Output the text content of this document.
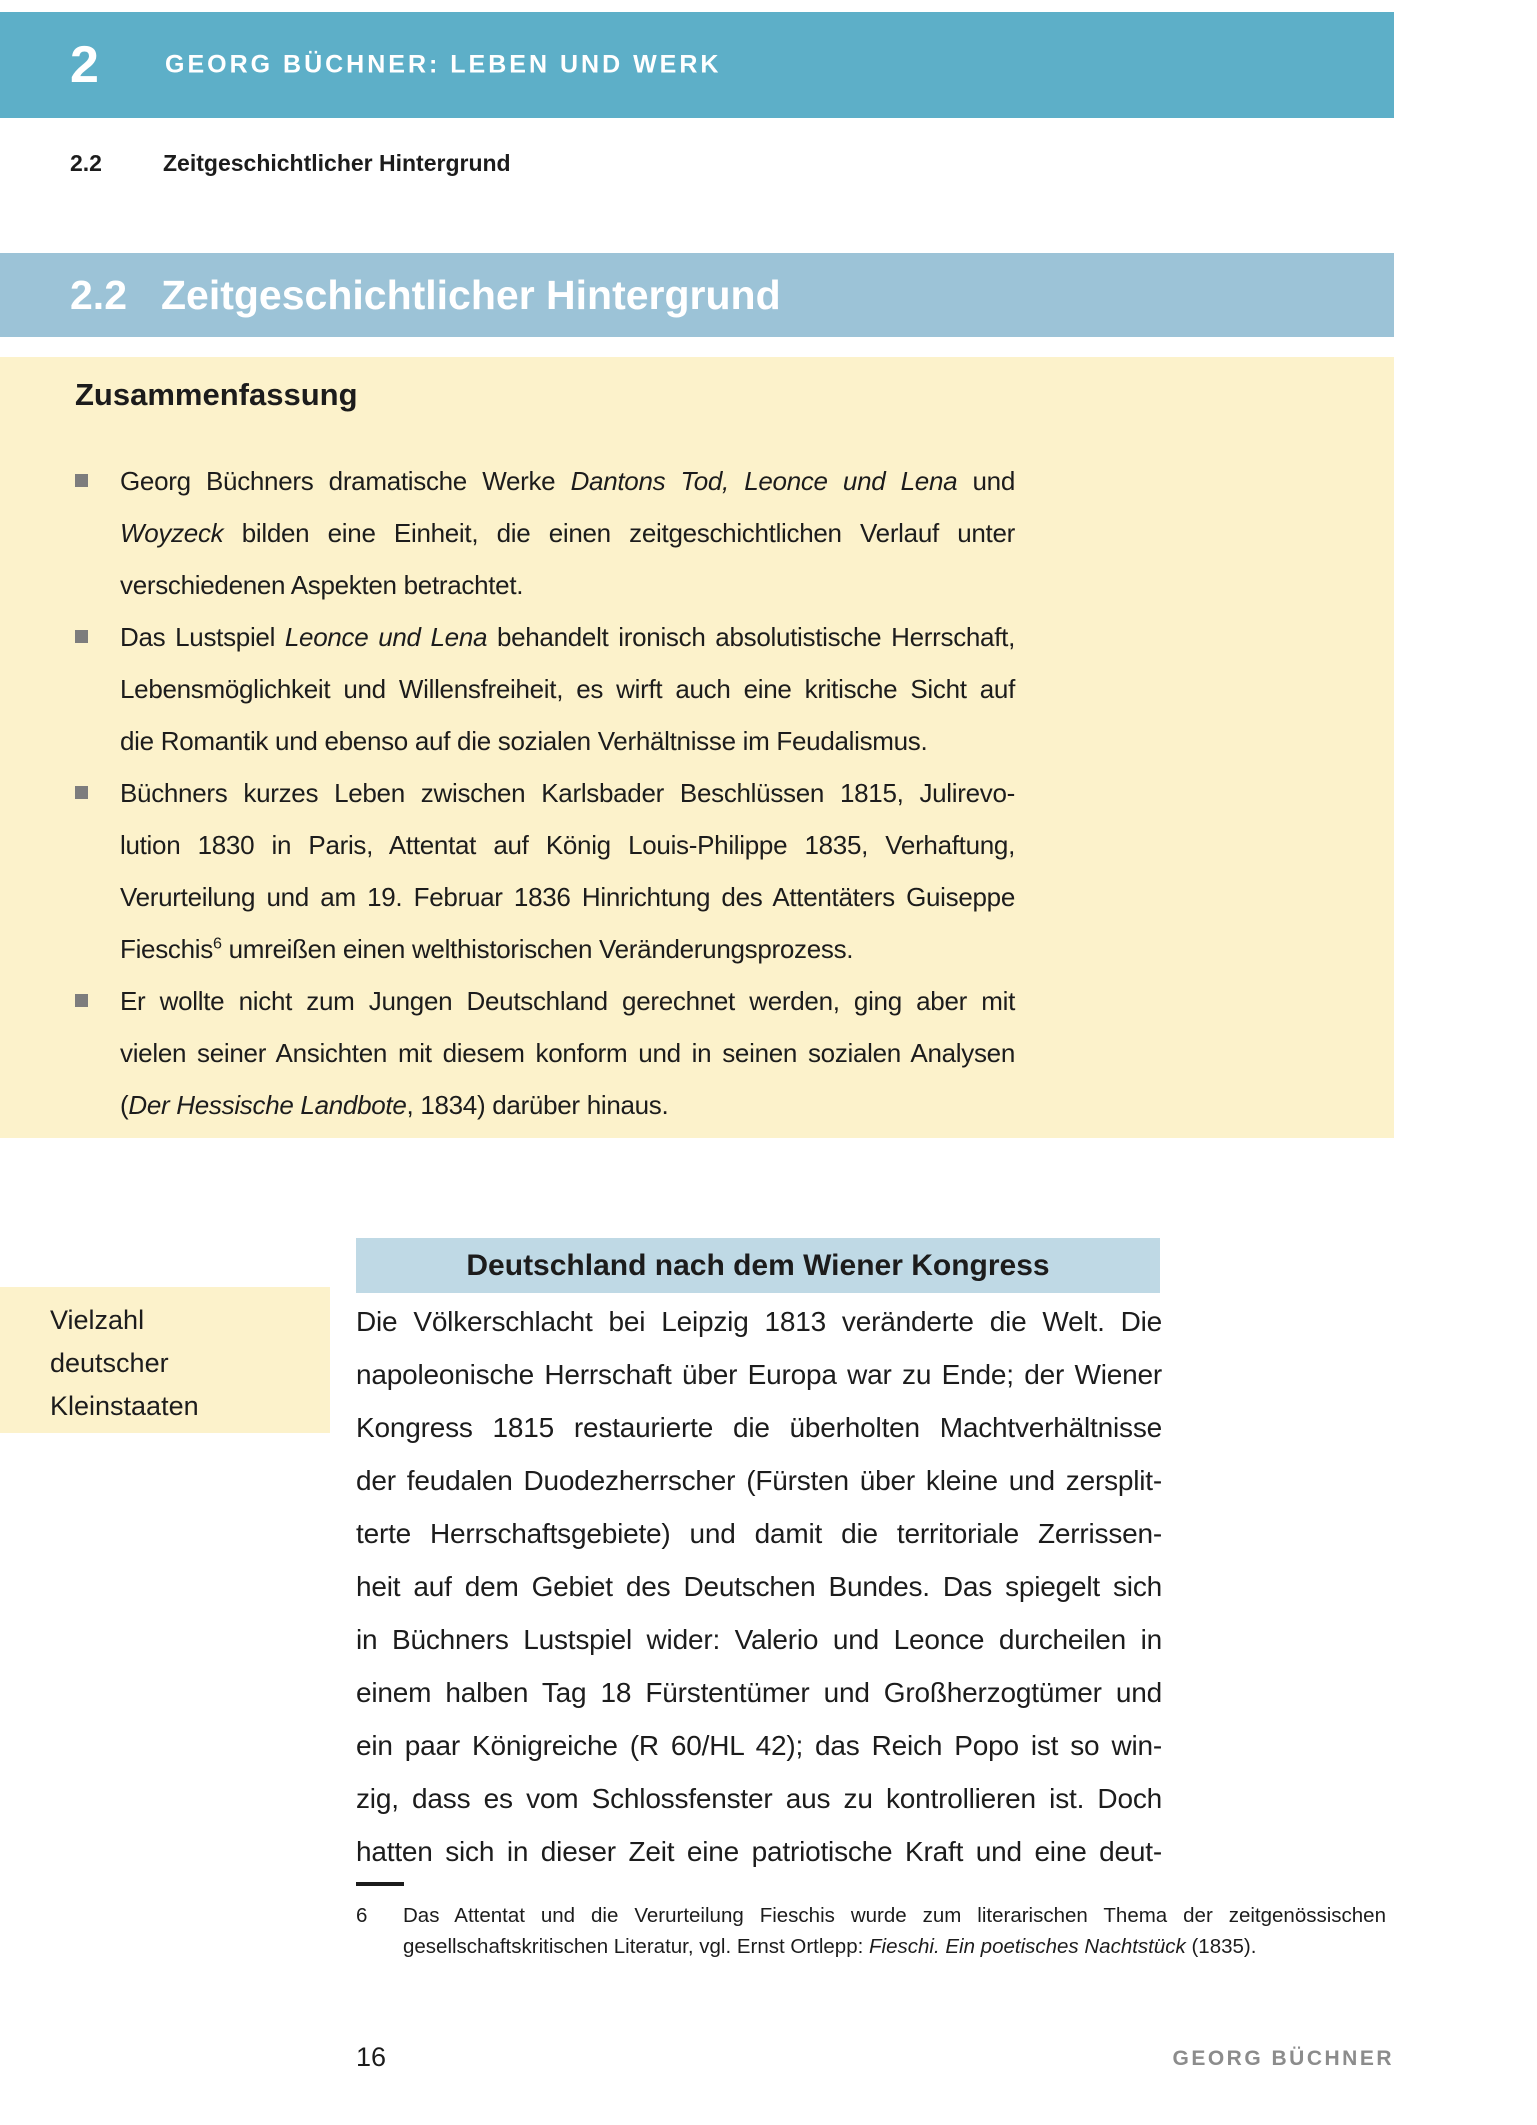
2	GEORG BÜCHNER: LEBEN UND WERK
2.2	Zeitgeschichtlicher Hintergrund
2.2 Zeitgeschichtlicher Hintergrund
Zusammenfassung
Georg Büchners dramatische Werke Dantons Tod, Leonce und Lena und
Woyzeck bilden eine Einheit, die einen zeitgeschichtlichen Verlauf unter
verschiedenen Aspekten betrachtet.
Das Lustspiel Leonce und Lena behandelt ironisch absolutistische Herrschaft,
Lebensmöglichkeit und Willensfreiheit, es wirft auch eine kritische Sicht auf
die Romantik und ebenso auf die sozialen Verhältnisse im Feudalismus.
Büchners kurzes Leben zwischen Karlsbader Beschlüssen 1815, Julirevo-
lution 1830 in Paris, Attentat auf König Louis-Philippe 1835, Verhaftung,
Verurteilung und am 19. Februar 1836 Hinrichtung des Attentäters Guiseppe
Fieschis$^6$ umreißen einen welthistorischen Veränderungsprozess.
Er wollte nicht zum Jungen Deutschland gerechnet werden, ging aber mit
vielen seiner Ansichten mit diesem konform und in seinen sozialen Analysen
(Der Hessische Landbote, 1834) darüber hinaus.
Deutschland nach dem Wiener Kongress
Vielzahl
deutscher
Kleinstaaten
Die Völkerschlacht bei Leipzig 1813 veränderte die Welt. Die
napoleonische Herrschaft über Europa war zu Ende; der Wiener
Kongress 1815 restaurierte die überholten Machtverhältnisse
der feudalen Duodezherrscher (Fürsten über kleine und zersplit-
terte Herrschaftsgebiete) und damit die territoriale Zerrissen-
heit auf dem Gebiet des Deutschen Bundes. Das spiegelt sich
in Büchners Lustspiel wider: Valerio und Leonce durcheilen in
einem halben Tag 18 Fürstentümer und Großherzogtümer und
ein paar Königreiche (R 60/HL 42); das Reich Popo ist so win-
zig, dass es vom Schlossfenster aus zu kontrollieren ist. Doch
hatten sich in dieser Zeit eine patriotische Kraft und eine deut-
6	Das Attentat und die Verurteilung Fieschis wurde zum literarischen Thema der zeitgenössischen
gesellschaftskritischen Literatur, vgl. Ernst Ortlepp: Fieschi. Ein poetisches Nachtstück (1835).
16	GEORG BÜCHNER
